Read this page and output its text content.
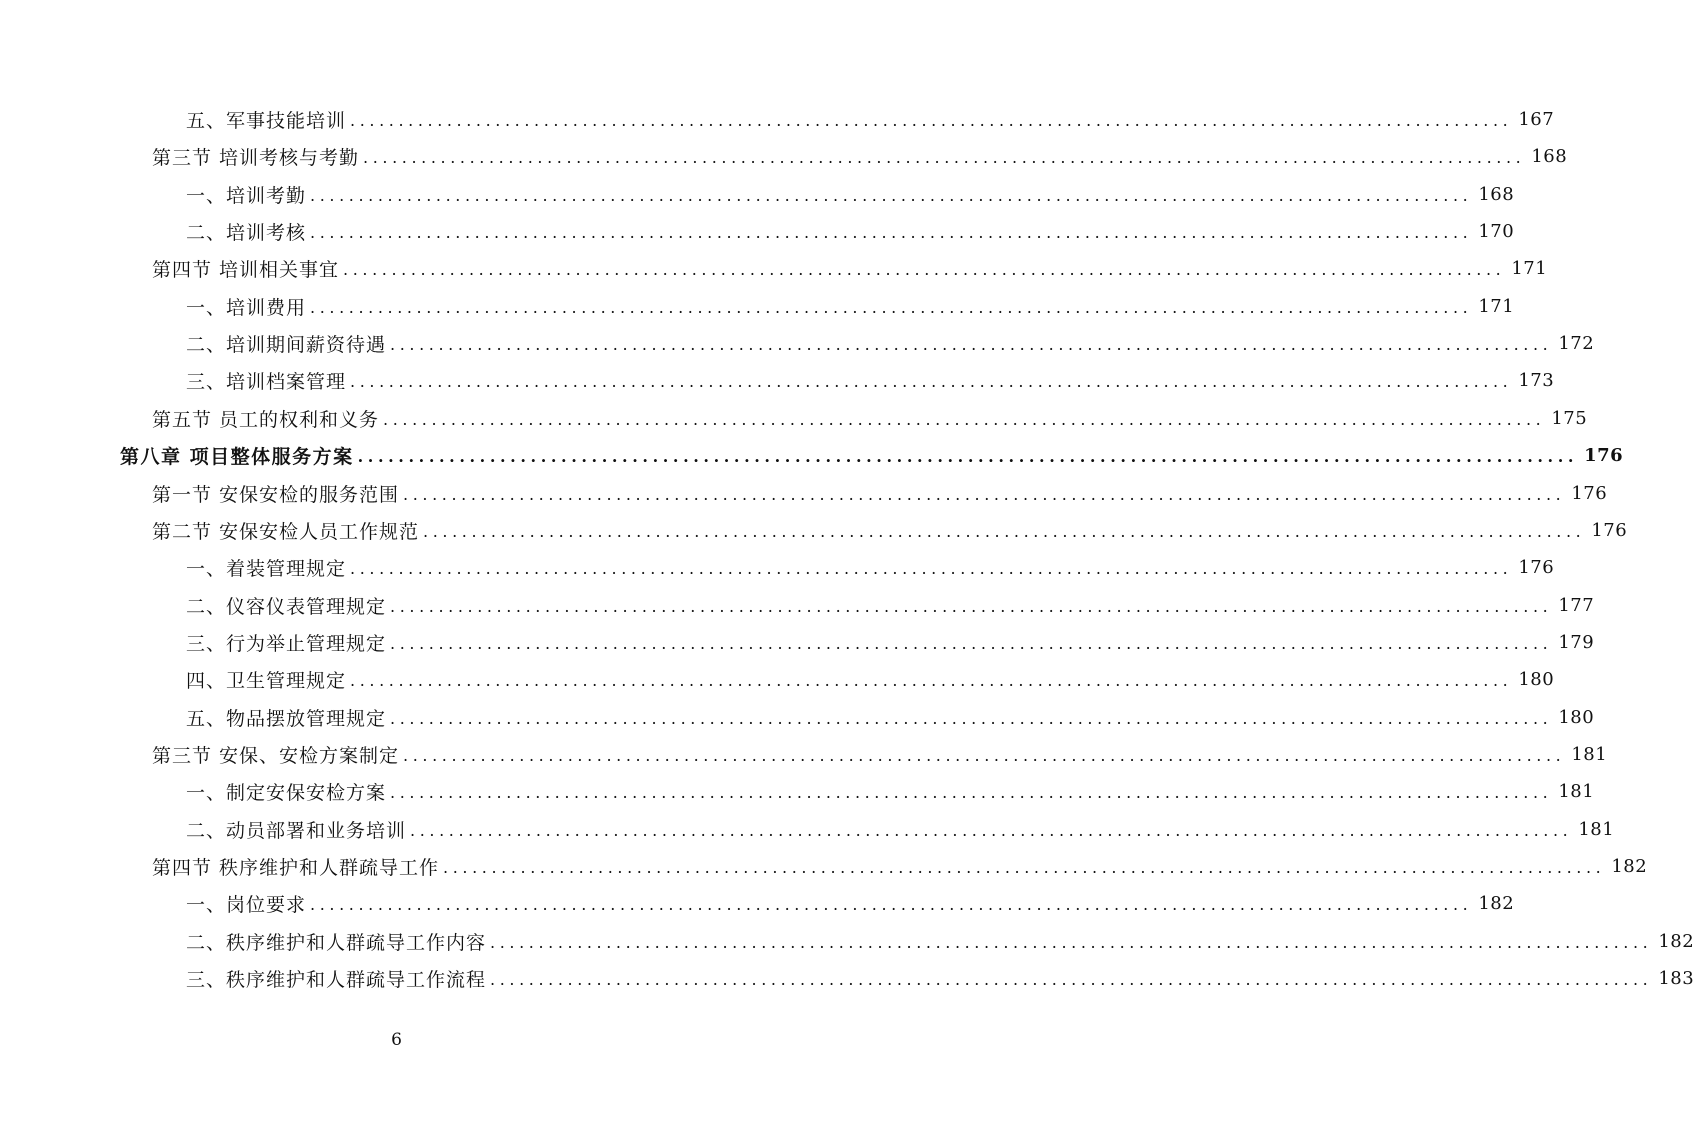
五、军事技能培训 ........................................................................................................................ 167
第三节 培训考核与考勤 ........................................................................................................................ 168
一、培训考勤 ........................................................................................................................ 168
二、培训考核 ........................................................................................................................ 170
第四节 培训相关事宜 ........................................................................................................................ 171
一、培训费用 ........................................................................................................................ 171
二、培训期间薪资待遇 ........................................................................................................................ 172
三、培训档案管理 ........................................................................................................................ 173
第五节 员工的权利和义务 ........................................................................................................................ 175
第八章 项目整体服务方案 ........................................................................................................................ 176
第一节 安保安检的服务范围 ........................................................................................................................ 176
第二节 安保安检人员工作规范 ........................................................................................................................ 176
一、着装管理规定 ........................................................................................................................ 176
二、仪容仪表管理规定 ........................................................................................................................ 177
三、行为举止管理规定 ........................................................................................................................ 179
四、卫生管理规定 ........................................................................................................................ 180
五、物品摆放管理规定 ........................................................................................................................ 180
第三节 安保、安检方案制定 ........................................................................................................................ 181
一、制定安保安检方案 ........................................................................................................................ 181
二、动员部署和业务培训 ........................................................................................................................ 181
第四节 秩序维护和人群疏导工作 ........................................................................................................................ 182
一、岗位要求 ........................................................................................................................ 182
二、秩序维护和人群疏导工作内容 ........................................................................................................................ 182
三、秩序维护和人群疏导工作流程 ........................................................................................................................ 183
6
